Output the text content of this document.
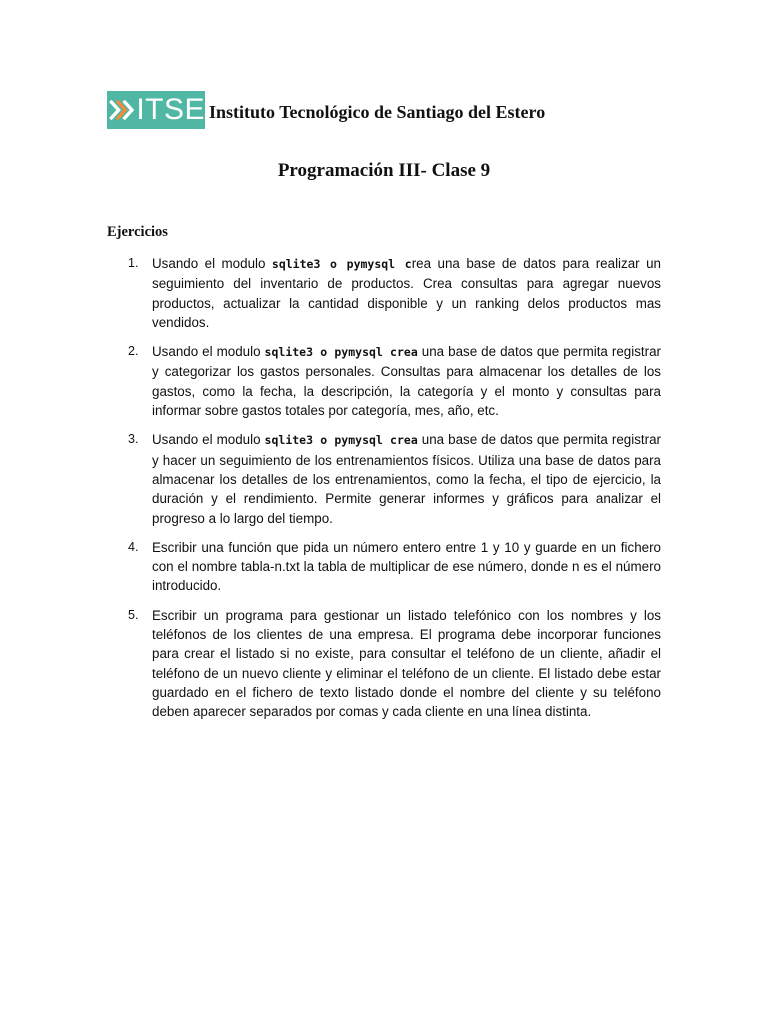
ITSE Instituto Tecnológico de Santiago del Estero
Programación III- Clase 9
Ejercicios
1. Usando el modulo sqlite3 o pymysql crea una base de datos para realizar un seguimiento del inventario de productos. Crea consultas para agregar nuevos productos, actualizar la cantidad disponible y un ranking delos productos mas vendidos.
2. Usando el modulo sqlite3 o pymysql crea una base de datos que permita registrar y categorizar los gastos personales. Consultas para almacenar los detalles de los gastos, como la fecha, la descripción, la categoría y el monto y consultas para informar sobre gastos totales por categoría, mes, año, etc.
3. Usando el modulo sqlite3 o pymysql crea una base de datos que permita registrar y hacer un seguimiento de los entrenamientos físicos. Utiliza una base de datos para almacenar los detalles de los entrenamientos, como la fecha, el tipo de ejercicio, la duración y el rendimiento. Permite generar informes y gráficos para analizar el progreso a lo largo del tiempo.
4. Escribir una función que pida un número entero entre 1 y 10 y guarde en un fichero con el nombre tabla-n.txt la tabla de multiplicar de ese número, donde n es el número introducido.
5. Escribir un programa para gestionar un listado telefónico con los nombres y los teléfonos de los clientes de una empresa. El programa debe incorporar funciones para crear el listado si no existe, para consultar el teléfono de un cliente, añadir el teléfono de un nuevo cliente y eliminar el teléfono de un cliente. El listado debe estar guardado en el fichero de texto listado donde el nombre del cliente y su teléfono deben aparecer separados por comas y cada cliente en una línea distinta.
